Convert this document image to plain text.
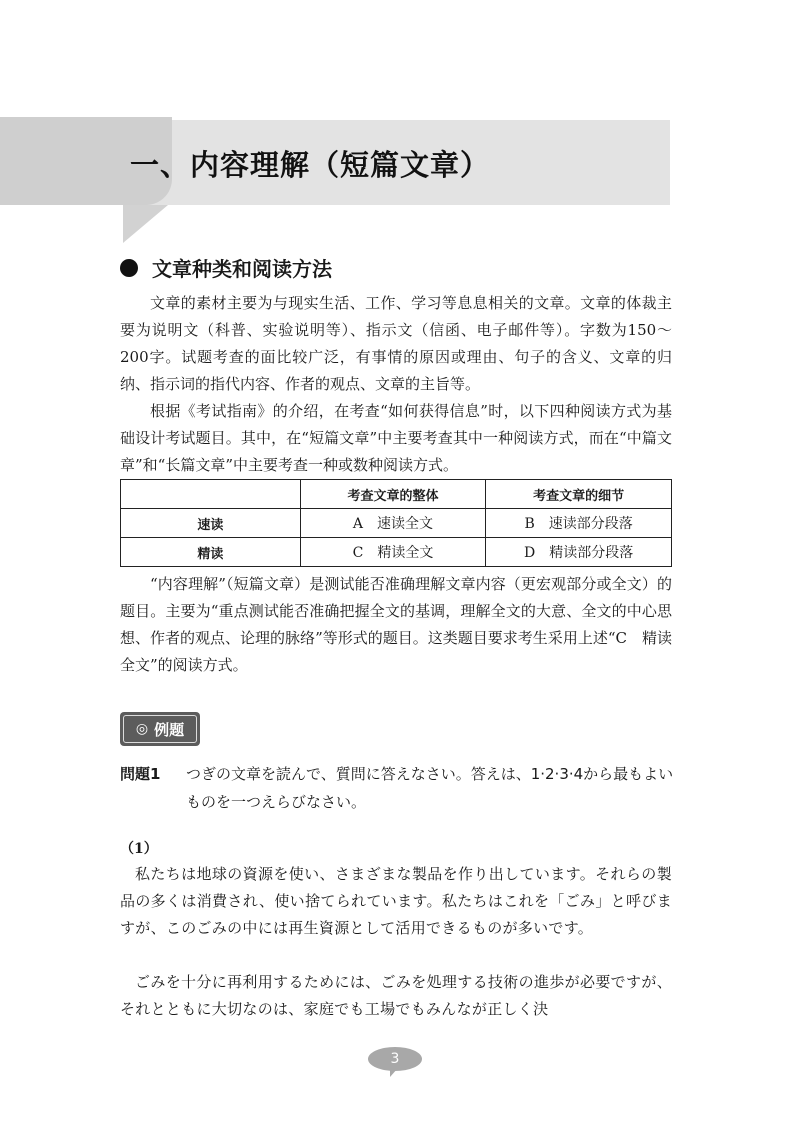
一、内容理解（短篇文章）
文章种类和阅读方法

文章的素材主要为与现实生活、工作、学习等息息相关的文章。文章的体裁主要为说明文（科普、实验说明等）、指示文（信函、电子邮件等）。字数为150～200字。试题考查的面比较广泛，有事情的原因或理由、句子的含义、文章的归纳、指示词的指代内容、作者的观点、文章的主旨等。

根据《考试指南》的介绍，在考查“如何获得信息”时，以下四种阅读方式为基础设计考试题目。其中，在“短篇文章”中主要考查其中一种阅读方式，而在“中篇文章”和“长篇文章”中主要考查一种或数种阅读方式。

	考查文章的整体	考查文章的细节
速读	A　速读全文	B　速读部分段落
精读	C　精读全文	D　精读部分段落

“内容理解”（短篇文章）是测试能否准确理解文章内容（更宏观部分或全文）的题目。主要为“重点测试能否准确把握全文的基调，理解全文的大意、全文的中心思想、作者的观点、论理的脉络”等形式的题目。这类题目要求考生采用上述“C　精读全文”的阅读方式。

◎ 例题
問題1	つぎの文章を読んで、質問に答えなさい。答えは、1·2·3·4から最もよいものを一つえらびなさい。
（1）

私たちは地球の資源を使い、さまざまな製品を作り出しています。それらの製品の多くは消費され、使い捨てられています。私たちはこれを「ごみ」と呼びますが、このごみの中には再生資源として活用できるものが多いです。

ごみを十分に再利用するためには、ごみを処理する技術の進歩が必要ですが、それとともに大切なのは、家庭でも工場でもみんなが正しく決

3
